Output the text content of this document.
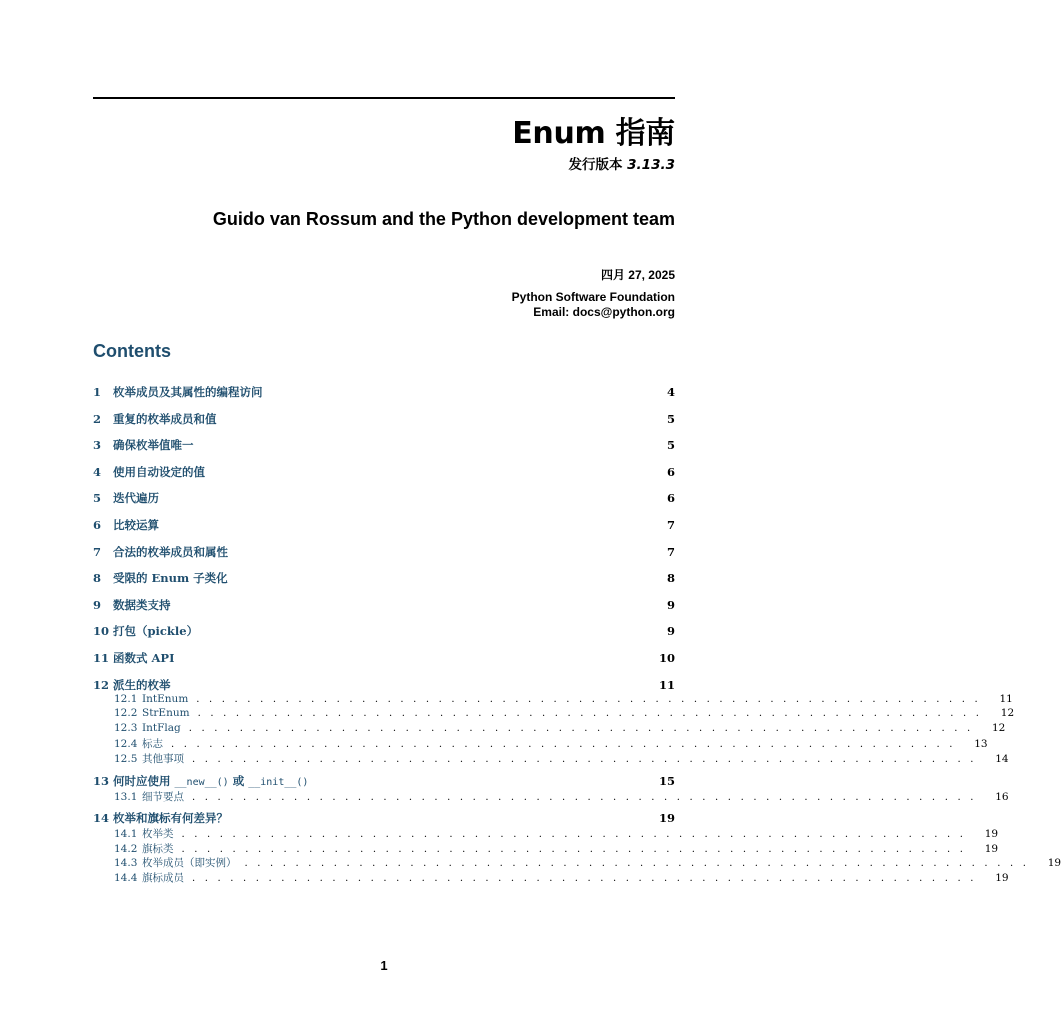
Enum 指南
发行版本 3.13.3
Guido van Rossum and the Python development team
四月 27, 2025
Python Software Foundation
Email: docs@python.org
Contents
1	枚举成员及其属性的编程访问	4
2	重复的枚举成员和值	5
3	确保枚举值唯一	5
4	使用自动设定的值	6
5	迭代遍历	6
6	比较运算	7
7	合法的枚举成员和属性	7
8	受限的 Enum 子类化	8
9	数据类支持	9
10 打包（pickle）	9
11 函数式 API	10
12 派生的枚举	11
12.1 IntEnum . . . . . . . . . . . . . . . . . . . . . . . . . . . . . . . . . . . . . . . . . . . . . . . . . . . . . . . . . . . . . .	11
12.2 StrEnum . . . . . . . . . . . . . . . . . . . . . . . . . . . . . . . . . . . . . . . . . . . . . . . . . . . . . . . . . . . . . .	12
12.3 IntFlag . . . . . . . . . . . . . . . . . . . . . . . . . . . . . . . . . . . . . . . . . . . . . . . . . . . . . . . . . . . . . .	12
12.4 标志 . . . . . . . . . . . . . . . . . . . . . . . . . . . . . . . . . . . . . . . . . . . . . . . . . . . . . . . . . . . . . .	13
12.5 其他事项 . . . . . . . . . . . . . . . . . . . . . . . . . . . . . . . . . . . . . . . . . . . . . . . . . . . . . . . . . . . . . .	14
13 何时应使用 __new__() 或 __init__()	15
13.1 细节要点 . . . . . . . . . . . . . . . . . . . . . . . . . . . . . . . . . . . . . . . . . . . . . . . . . . . . . . . . . . . . . .	16
14 枚举和旗标有何差异？	19
14.1 枚举类 . . . . . . . . . . . . . . . . . . . . . . . . . . . . . . . . . . . . . . . . . . . . . . . . . . . . . . . . . . . . . .	19
14.2 旗标类 . . . . . . . . . . . . . . . . . . . . . . . . . . . . . . . . . . . . . . . . . . . . . . . . . . . . . . . . . . . . . .	19
14.3 枚举成员（即实例） . . . . . . . . . . . . . . . . . . . . . . . . . . . . . . . . . . . . . . . . . . . . . . . . . . . . . . . . . . . . . .	19
14.4 旗标成员 . . . . . . . . . . . . . . . . . . . . . . . . . . . . . . . . . . . . . . . . . . . . . . . . . . . . . . . . . . . . . .	19
1
